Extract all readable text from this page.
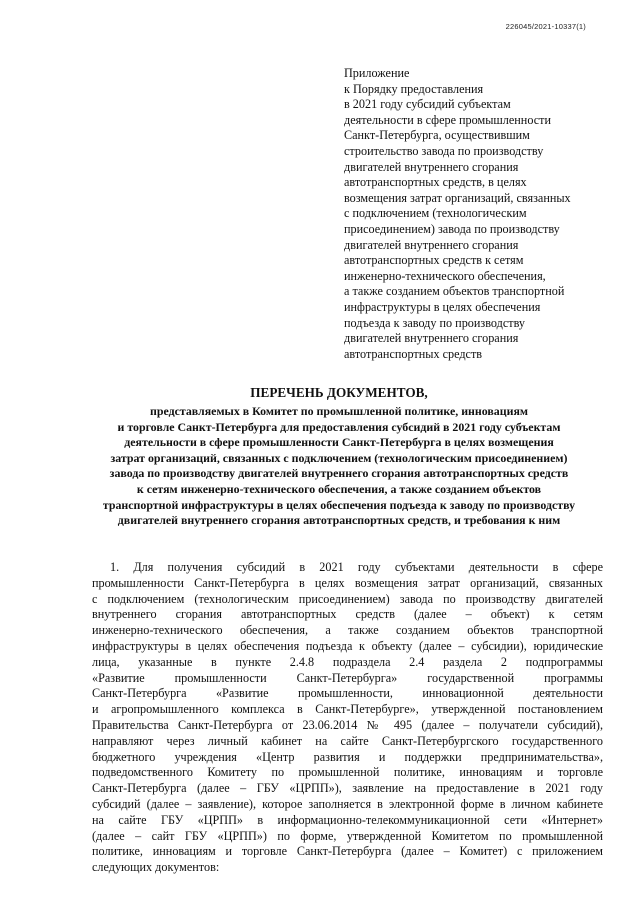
226045/2021-10337(1)
Приложение
к Порядку предоставления
в 2021 году субсидий субъектам
деятельности в сфере промышленности
Санкт-Петербурга, осуществившим
строительство завода по производству
двигателей внутреннего сгорания
автотранспортных средств, в целях
возмещения затрат организаций, связанных
с подключением (технологическим
присоединением) завода по производству
двигателей внутреннего сгорания
автотранспортных средств к сетям
инженерно-технического обеспечения,
а также созданием объектов транспортной
инфраструктуры в целях обеспечения
подъезда к заводу по производству
двигателей внутреннего сгорания
автотранспортных средств
ПЕРЕЧЕНЬ ДОКУМЕНТОВ,
представляемых в Комитет по промышленной политике, инновациям
и торговле Санкт-Петербурга для предоставления субсидий в 2021 году субъектам
деятельности в сфере промышленности Санкт-Петербурга в целях возмещения
затрат организаций, связанных с подключением (технологическим присоединением)
завода по производству двигателей внутреннего сгорания автотранспортных средств
к сетям инженерно-технического обеспечения, а также созданием объектов
транспортной инфраструктуры в целях обеспечения подъезда к заводу по производству
двигателей внутреннего сгорания автотранспортных средств, и требования к ним
1. Для получения субсидий в 2021 году субъектами деятельности в сфере
промышленности Санкт-Петербурга в целях возмещения затрат организаций, связанных
с подключением (технологическим присоединением) завода по производству двигателей
внутреннего сгорания автотранспортных средств (далее – объект) к сетям
инженерно-технического обеспечения, а также созданием объектов транспортной
инфраструктуры в целях обеспечения подъезда к объекту (далее – субсидии), юридические
лица, указанные в пункте 2.4.8 подраздела 2.4 раздела 2 подпрограммы
«Развитие промышленности Санкт-Петербурга» государственной программы
Санкт-Петербурга «Развитие промышленности, инновационной деятельности
и агропромышленного комплекса в Санкт-Петербурге», утвержденной постановлением
Правительства Санкт-Петербурга от 23.06.2014 № 495 (далее – получатели субсидий),
направляют через личный кабинет на сайте Санкт-Петербургского государственного
бюджетного учреждения «Центр развития и поддержки предпринимательства»,
подведомственного Комитету по промышленной политике, инновациям и торговле
Санкт-Петербурга (далее – ГБУ «ЦРПП»), заявление на предоставление в 2021 году
субсидий (далее – заявление), которое заполняется в электронной форме в личном кабинете
на сайте ГБУ «ЦРПП» в информационно-телекоммуникационной сети «Интернет»
(далее – сайт ГБУ «ЦРПП») по форме, утвержденной Комитетом по промышленной
политике, инновациям и торговле Санкт-Петербурга (далее – Комитет) с приложением
следующих документов:
